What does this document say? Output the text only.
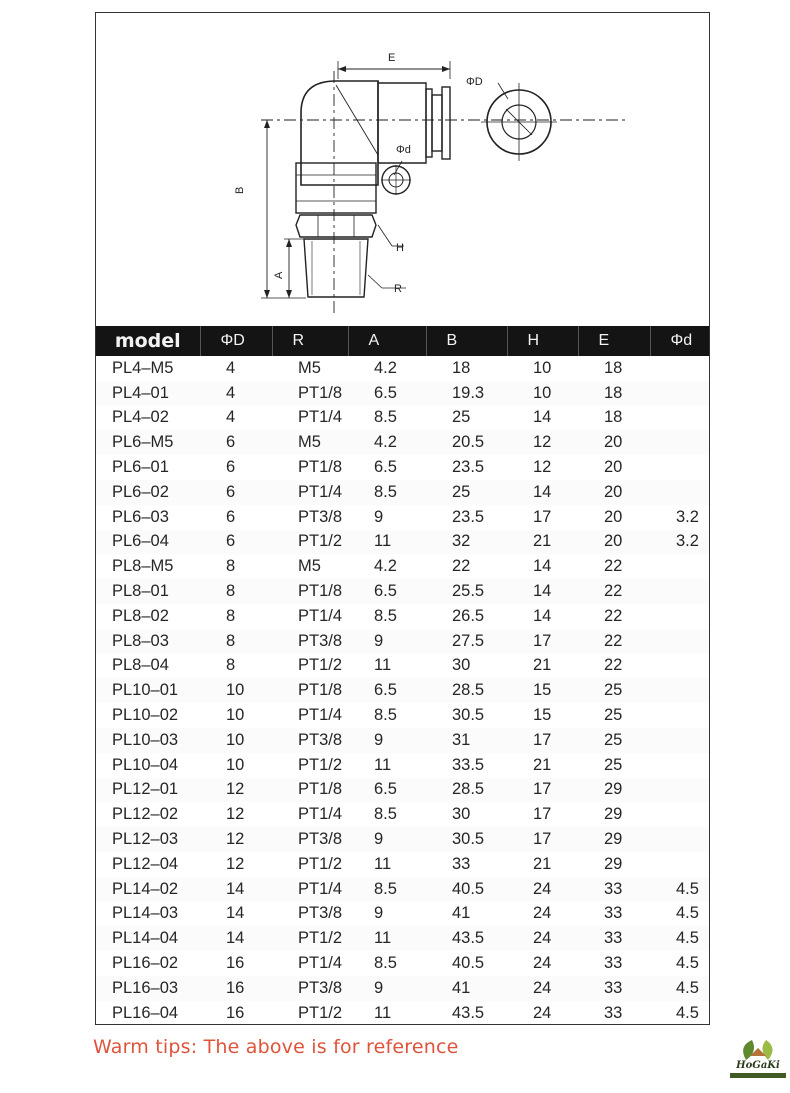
E
ΦD
Φd
B
A
H
R
model	ΦD	R	A	B	H	E	Φd
PL4–M5	4	M5	4.2	18	10	18	
PL4–01	4	PT1/8	6.5	19.3	10	18	
PL4–02	4	PT1/4	8.5	25	14	18	
PL6–M5	6	M5	4.2	20.5	12	20	
PL6–01	6	PT1/8	6.5	23.5	12	20	
PL6–02	6	PT1/4	8.5	25	14	20	
PL6–03	6	PT3/8	9	23.5	17	20	3.2
PL6–04	6	PT1/2	11	32	21	20	3.2
PL8–M5	8	M5	4.2	22	14	22	
PL8–01	8	PT1/8	6.5	25.5	14	22	
PL8–02	8	PT1/4	8.5	26.5	14	22	
PL8–03	8	PT3/8	9	27.5	17	22	
PL8–04	8	PT1/2	11	30	21	22	
PL10–01	10	PT1/8	6.5	28.5	15	25	
PL10–02	10	PT1/4	8.5	30.5	15	25	
PL10–03	10	PT3/8	9	31	17	25	
PL10–04	10	PT1/2	11	33.5	21	25	
PL12–01	12	PT1/8	6.5	28.5	17	29	
PL12–02	12	PT1/4	8.5	30	17	29	
PL12–03	12	PT3/8	9	30.5	17	29	
PL12–04	12	PT1/2	11	33	21	29	
PL14–02	14	PT1/4	8.5	40.5	24	33	4.5
PL14–03	14	PT3/8	9	41	24	33	4.5
PL14–04	14	PT1/2	11	43.5	24	33	4.5
PL16–02	16	PT1/4	8.5	40.5	24	33	4.5
PL16–03	16	PT3/8	9	41	24	33	4.5
PL16–04	16	PT1/2	11	43.5	24	33	4.5
Warm tips: The above is for reference
HoGaKi
